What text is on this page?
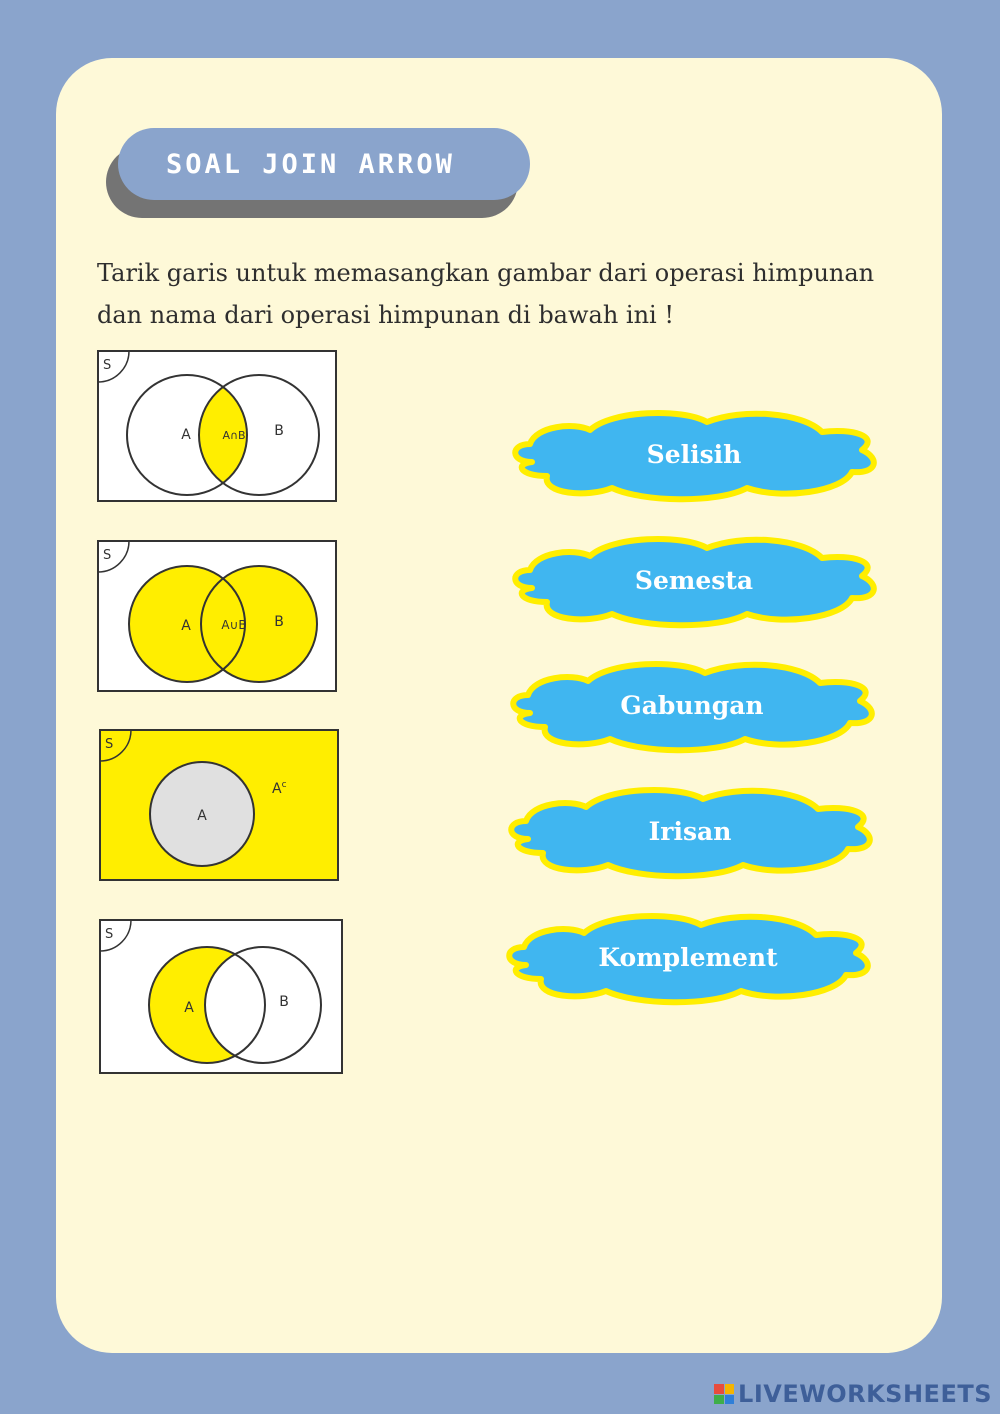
SOAL JOIN ARROW
Tarik garis untuk memasangkan gambar dari operasi himpunan dan nama dari operasi himpunan di bawah ini !
S
A	B
A∩B
S
A	B
A∪B
S
A
$A^c$
S
A	B
Selisih
Semesta
Gabungan
Irisan
Komplement
LIVEWORKSHEETS
